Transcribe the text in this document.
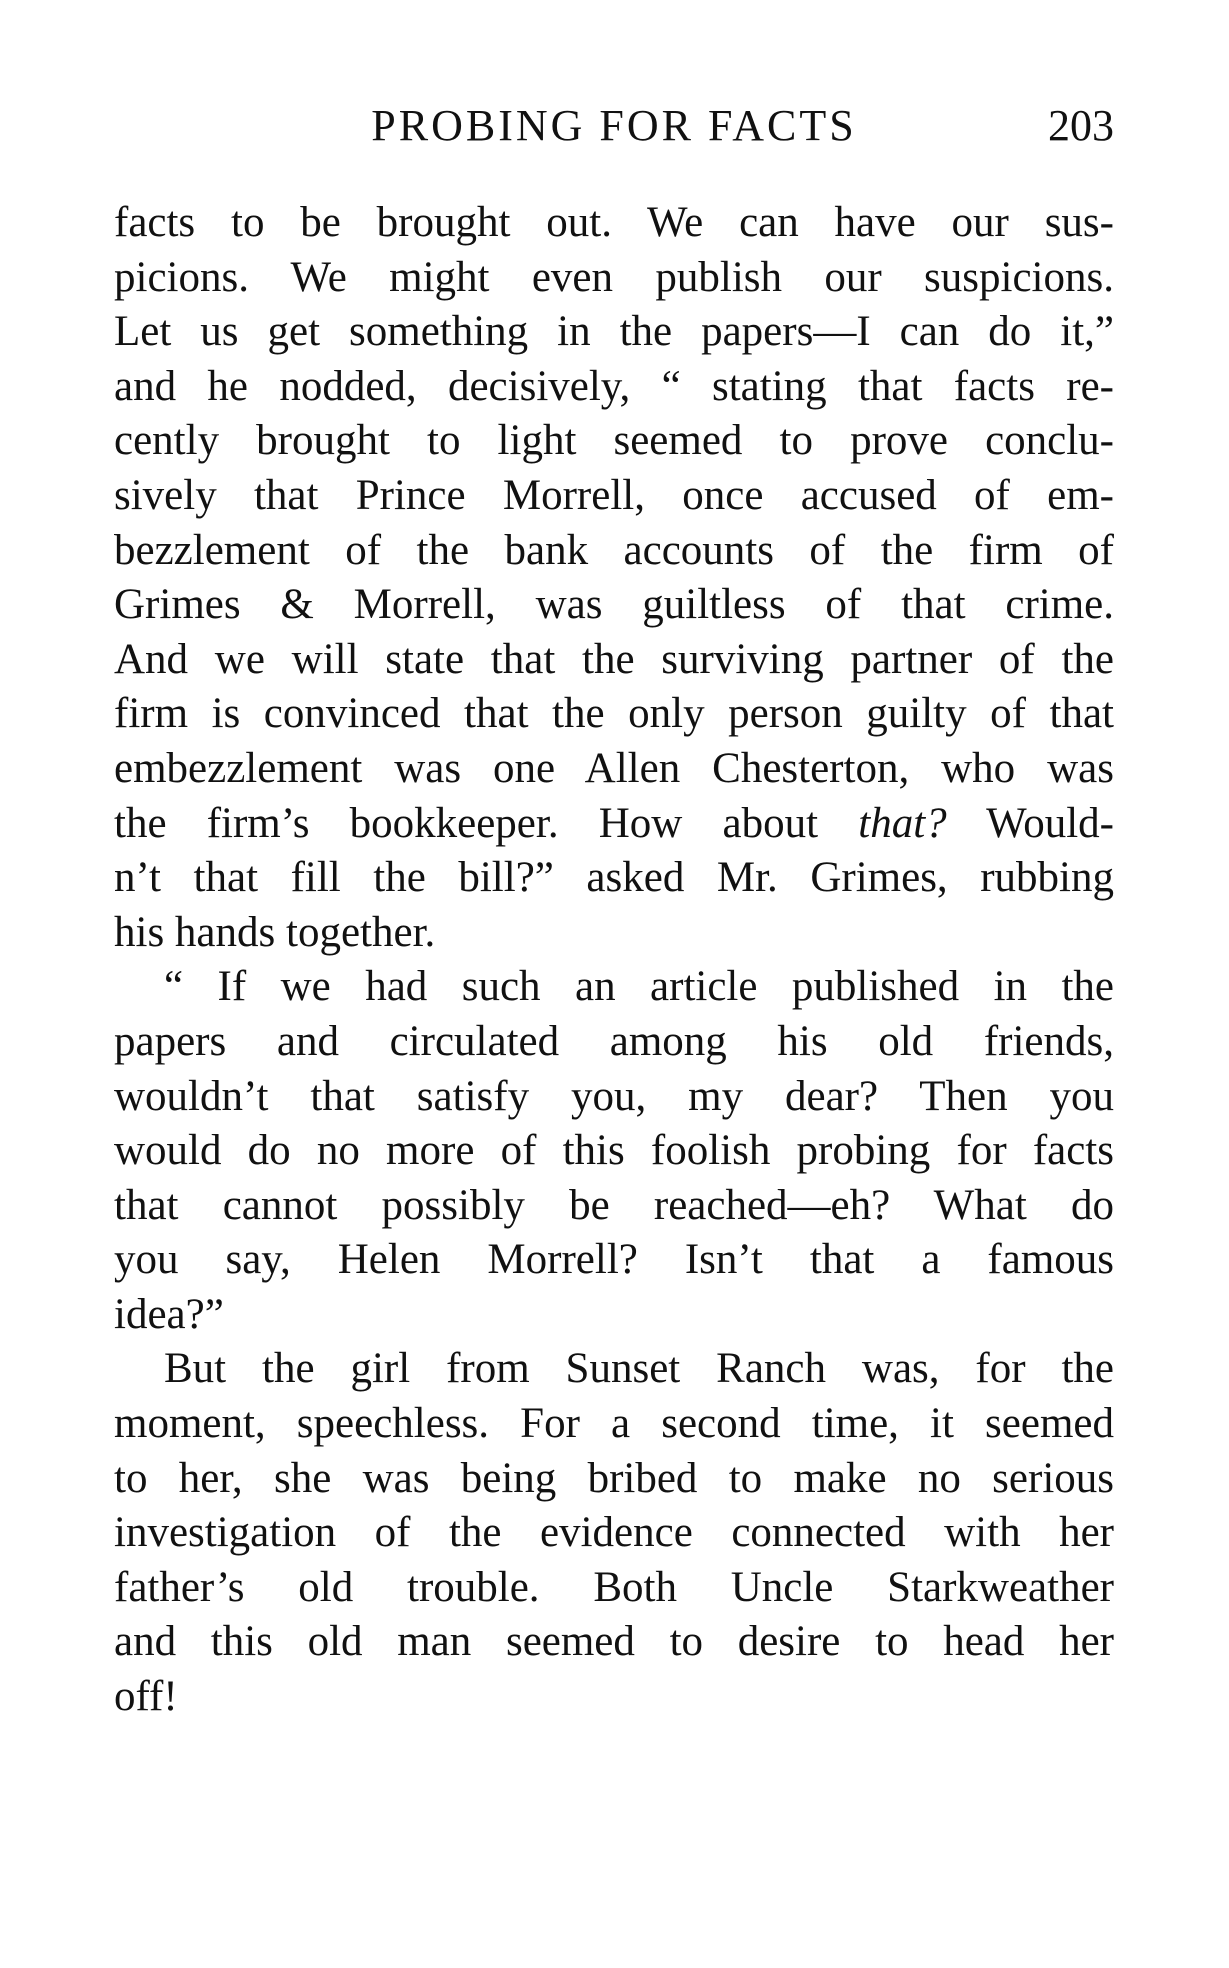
PROBING FOR FACTS	203
facts to be brought out. We can have our sus-
picions. We might even publish our suspicions.
Let us get something in the papers—I can do it,”
and he nodded, decisively, “ stating that facts re-
cently brought to light seemed to prove conclu-
sively that Prince Morrell, once accused of em-
bezzlement of the bank accounts of the firm of
Grimes & Morrell, was guiltless of that crime.
And we will state that the surviving partner of the
firm is convinced that the only person guilty of that
embezzlement was one Allen Chesterton, who was
the firm’s bookkeeper. How about that? Would-
n’t that fill the bill?” asked Mr. Grimes, rubbing
his hands together.
“ If we had such an article published in the
papers and circulated among his old friends,
wouldn’t that satisfy you, my dear? Then you
would do no more of this foolish probing for facts
that cannot possibly be reached—eh? What do
you say, Helen Morrell? Isn’t that a famous
idea?”
But the girl from Sunset Ranch was, for the
moment, speechless. For a second time, it seemed
to her, she was being bribed to make no serious
investigation of the evidence connected with her
father’s old trouble. Both Uncle Starkweather
and this old man seemed to desire to head her
off!
